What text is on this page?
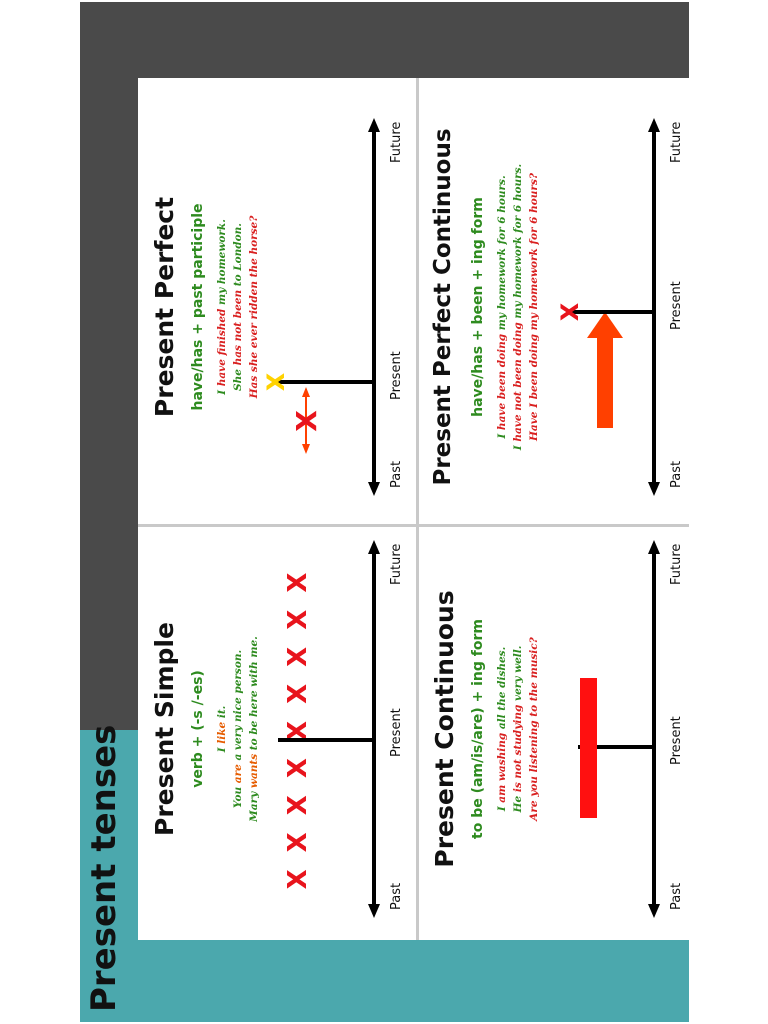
Present tenses Present Simple verb + (-s /-es) I like it.
You are a very nice person.
Mary wants to be here with me. X X X X X X X X X
Past
Present
Future
Present Perfect have/has + past participle I have finished my homework.
She has not been to London.
Has she ever ridden the horse?
X
X
Past
Present
Future
Present Continuous to be (am/is/are) + ing form I am washing all the dishes.
He is not studying very well.
Are you listening to the music?
Past
Present
Future
Present Perfect Continuous have/has + been + ing form
I have been doing my homework for 6 hours.
I have not been doing my homework for 6 hours.
Have I been doing my homework for 6 hours? X
Past
Present
Future
